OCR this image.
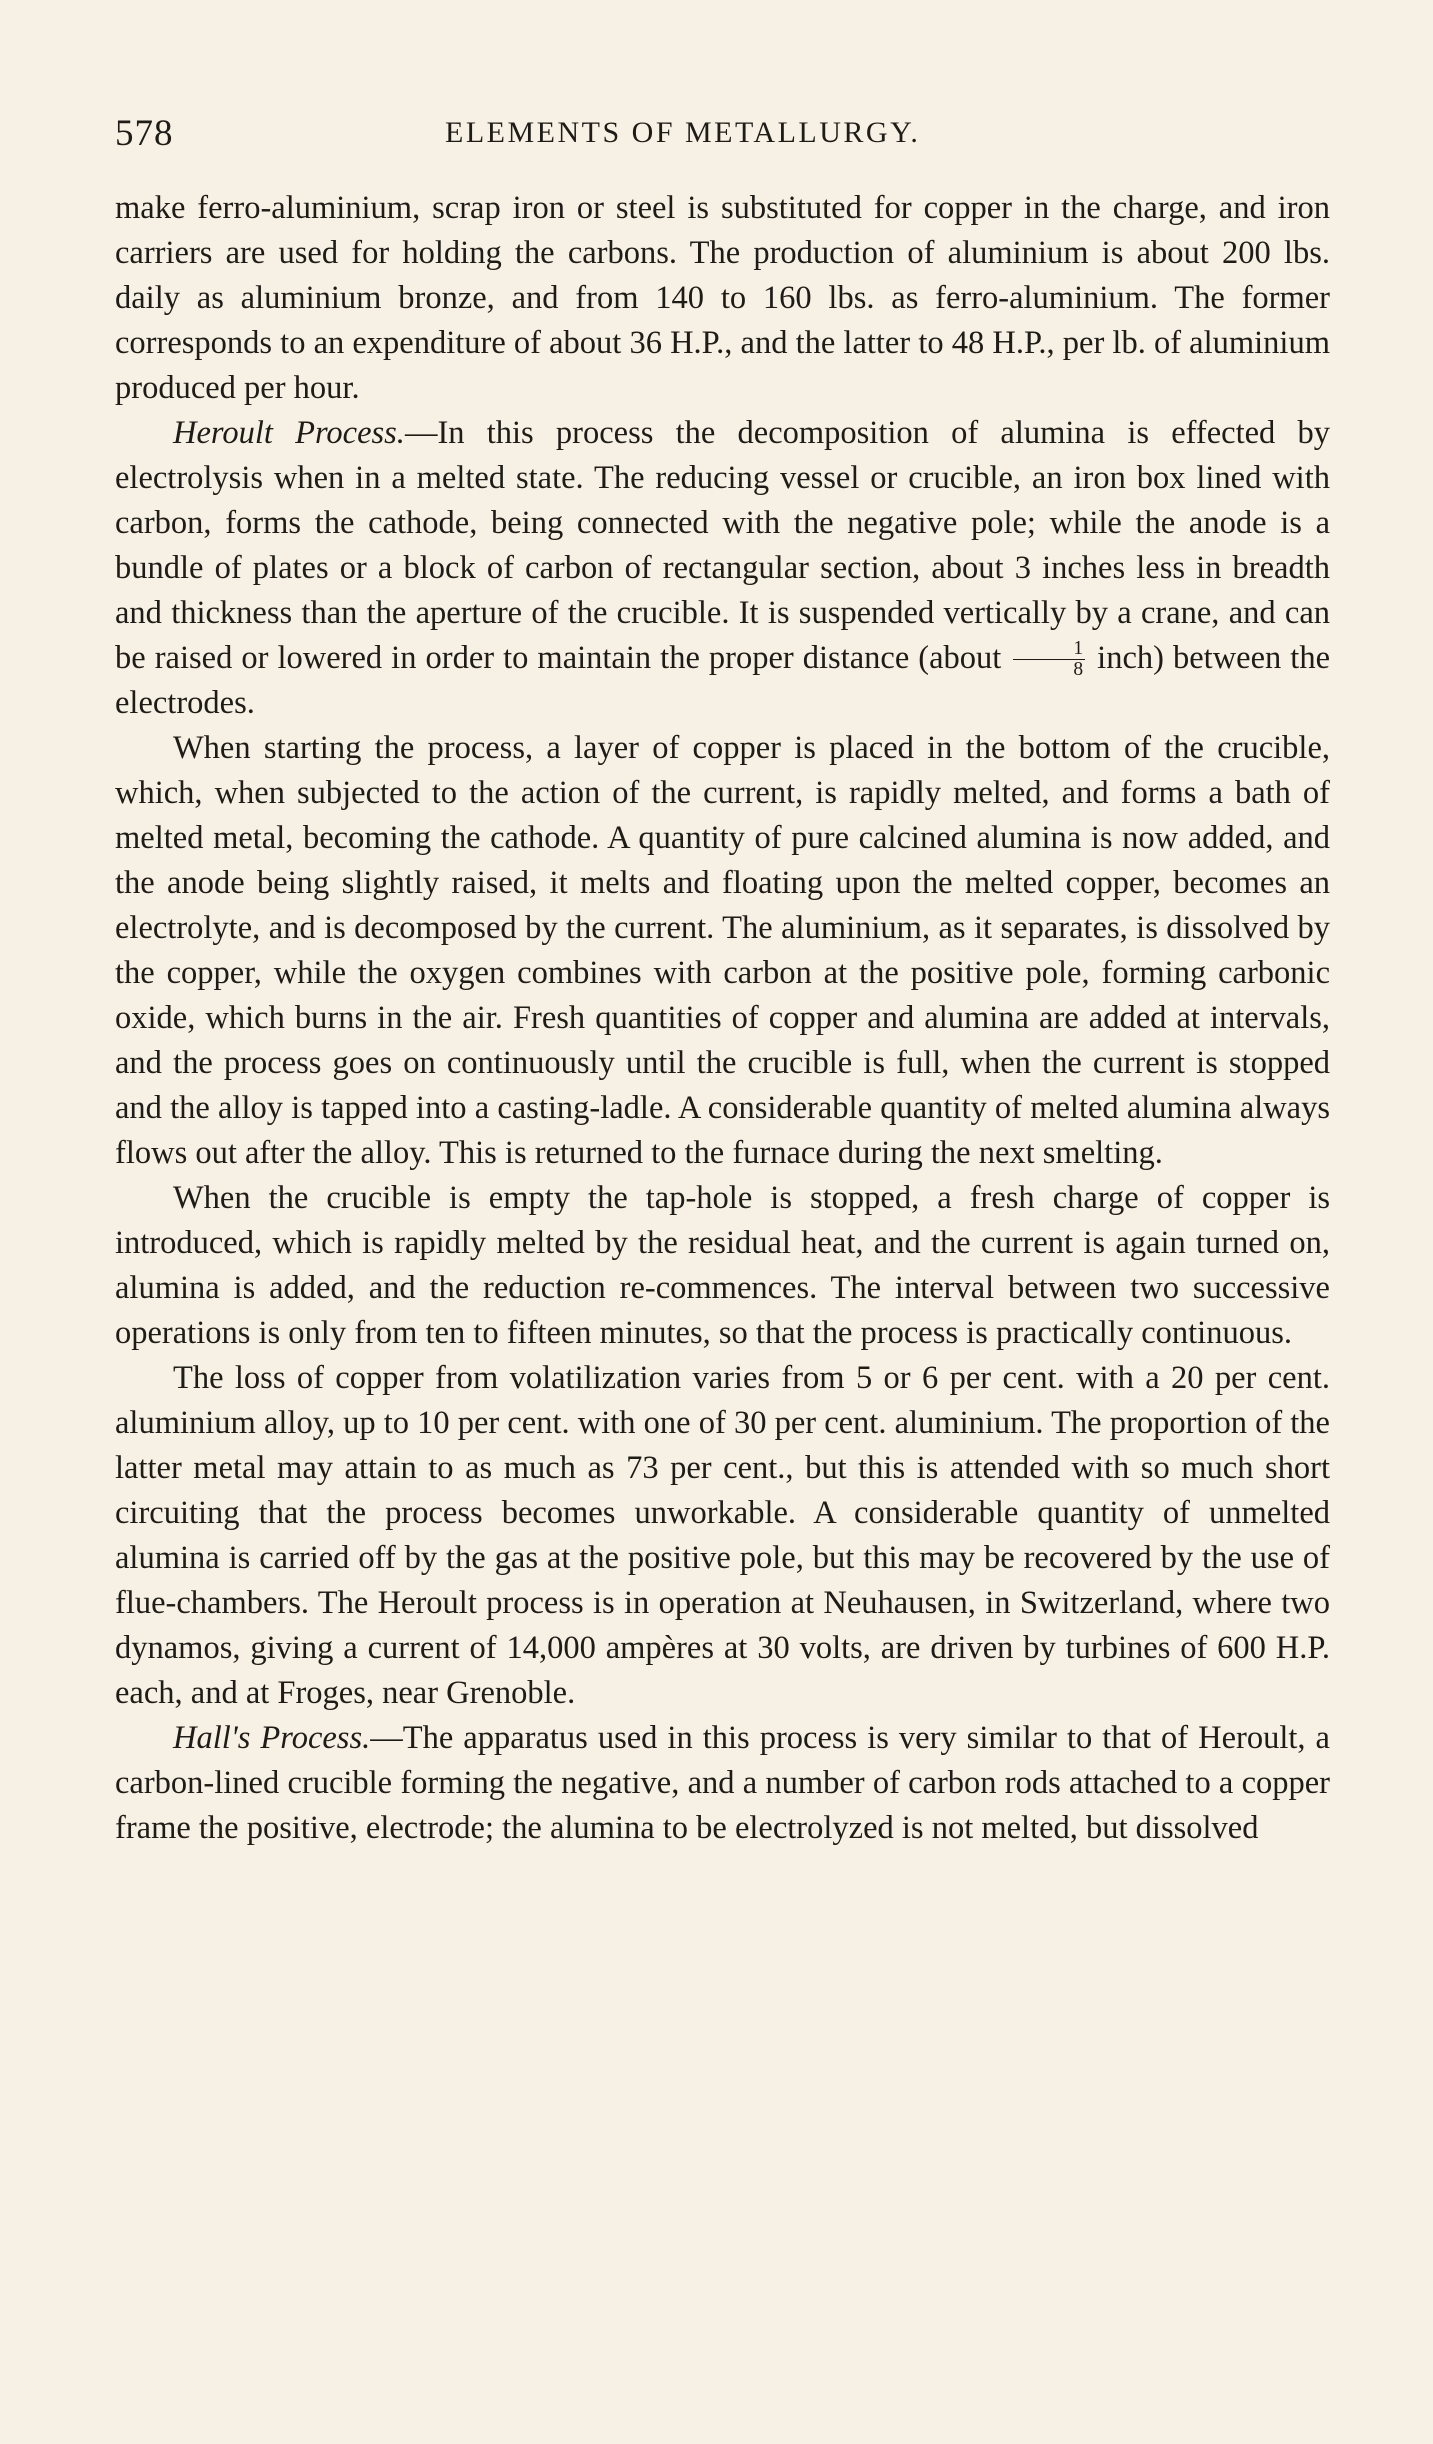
578	ELEMENTS OF METALLURGY.

make ferro-aluminium, scrap iron or steel is substituted for copper in the charge, and iron carriers are used for holding the carbons. The production of aluminium is about 200 lbs. daily as aluminium bronze, and from 140 to 160 lbs. as ferro-aluminium. The former corresponds to an expenditure of about 36 H.P., and the latter to 48 H.P., per lb. of aluminium produced per hour.

Heroult Process.—In this process the decomposition of alumina is effected by electrolysis when in a melted state. The reducing vessel or crucible, an iron box lined with carbon, forms the cathode, being connected with the negative pole; while the anode is a bundle of plates or a block of carbon of rectangular section, about 3 inches less in breadth and thickness than the aperture of the crucible. It is suspended vertically by a crane, and can be raised or lowered in order to maintain the proper distance (about $\frac{1}{8}$ inch) between the electrodes.

When starting the process, a layer of copper is placed in the bottom of the crucible, which, when subjected to the action of the current, is rapidly melted, and forms a bath of melted metal, becoming the cathode. A quantity of pure calcined alumina is now added, and the anode being slightly raised, it melts and floating upon the melted copper, becomes an electrolyte, and is decomposed by the current. The aluminium, as it separates, is dissolved by the copper, while the oxygen combines with carbon at the positive pole, forming carbonic oxide, which burns in the air. Fresh quantities of copper and alumina are added at intervals, and the process goes on continuously until the crucible is full, when the current is stopped and the alloy is tapped into a casting-ladle. A considerable quantity of melted alumina always flows out after the alloy. This is returned to the furnace during the next smelting.

When the crucible is empty the tap-hole is stopped, a fresh charge of copper is introduced, which is rapidly melted by the residual heat, and the current is again turned on, alumina is added, and the reduction re-commences. The interval between two successive operations is only from ten to fifteen minutes, so that the process is practically continuous.

The loss of copper from volatilization varies from 5 or 6 per cent. with a 20 per cent. aluminium alloy, up to 10 per cent. with one of 30 per cent. aluminium. The proportion of the latter metal may attain to as much as 73 per cent., but this is attended with so much short circuiting that the process becomes unworkable. A considerable quantity of unmelted alumina is carried off by the gas at the positive pole, but this may be recovered by the use of flue-chambers. The Heroult process is in operation at Neuhausen, in Switzerland, where two dynamos, giving a current of 14,000 ampères at 30 volts, are driven by turbines of 600 H.P. each, and at Froges, near Grenoble.

Hall's Process.—The apparatus used in this process is very similar to that of Heroult, a carbon-lined crucible forming the negative, and a number of carbon rods attached to a copper frame the positive, electrode; the alumina to be electrolyzed is not melted, but dissolved
